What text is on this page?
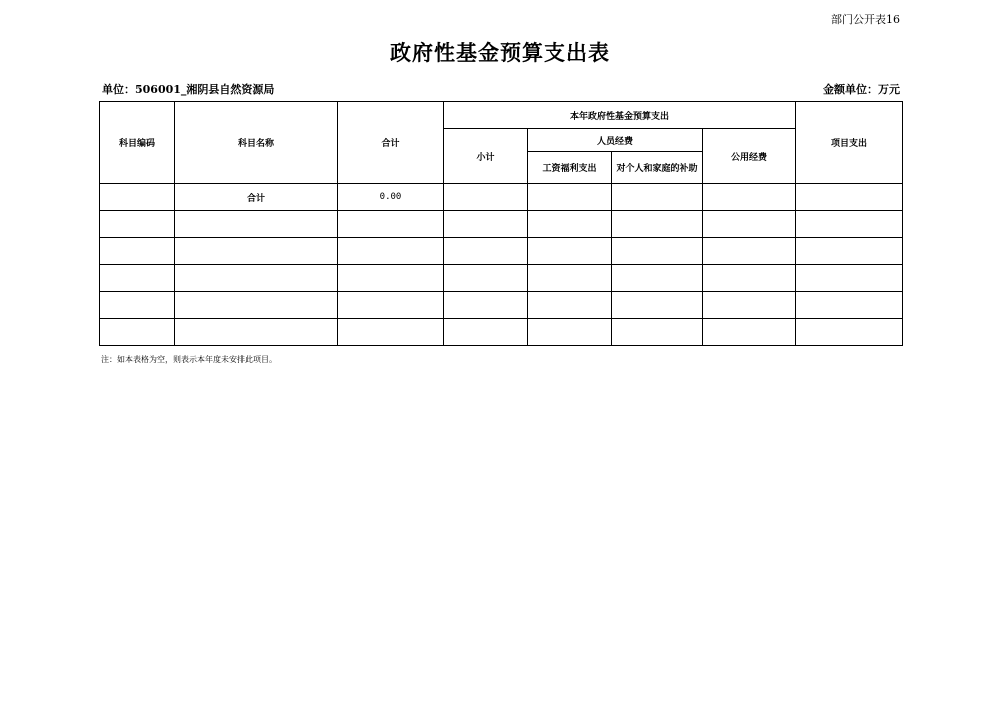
部门公开表16
政府性基金预算支出表
单位：506001_湘阴县自然资源局	金额单位：万元
科目编码	科目名称	合计	本年政府性基金预算支出				项目支出
			小计	人员经费		公用经费	
				工资福利支出	对个人和家庭的补助		
	合计	0.00					

注：如本表格为空，则表示本年度未安排此项目。
